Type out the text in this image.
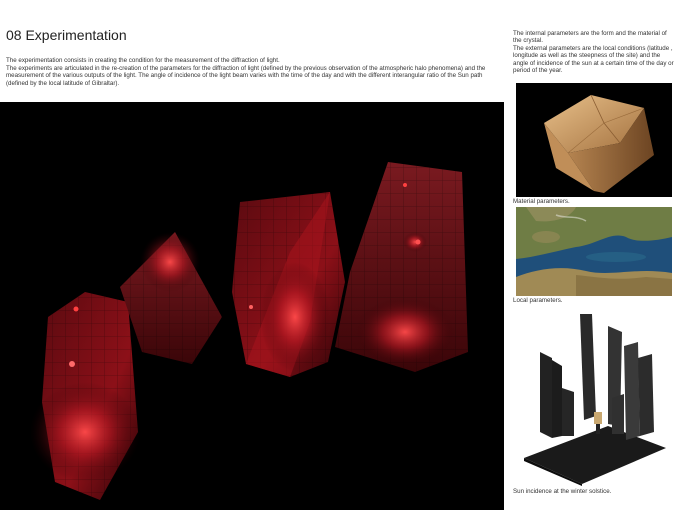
08 Experimentation

The experimentation consists in creating the condition for the measurement of the diffraction of light.

The experiments are articulated in the re-creation of the parameters for the diffraction of light (defined by the previous observation of the atmospheric halo phenomena) and the measurement of the various outputs of the light. The angle of incidence of the light beam varies with the time of the day and with the different interangular ratio of the Sun path (defined by the local latitude of Gibraltar).

The internal parameters are the form and the material of the crystal.

The external parameters are the local conditions (latitude , longitude as well as the steepness of the site) and the angle of incidence of the sun at a certain time of the day or period of the year.

Material parameters.
Local parameters.
Sun incidence at the winter solstice.
